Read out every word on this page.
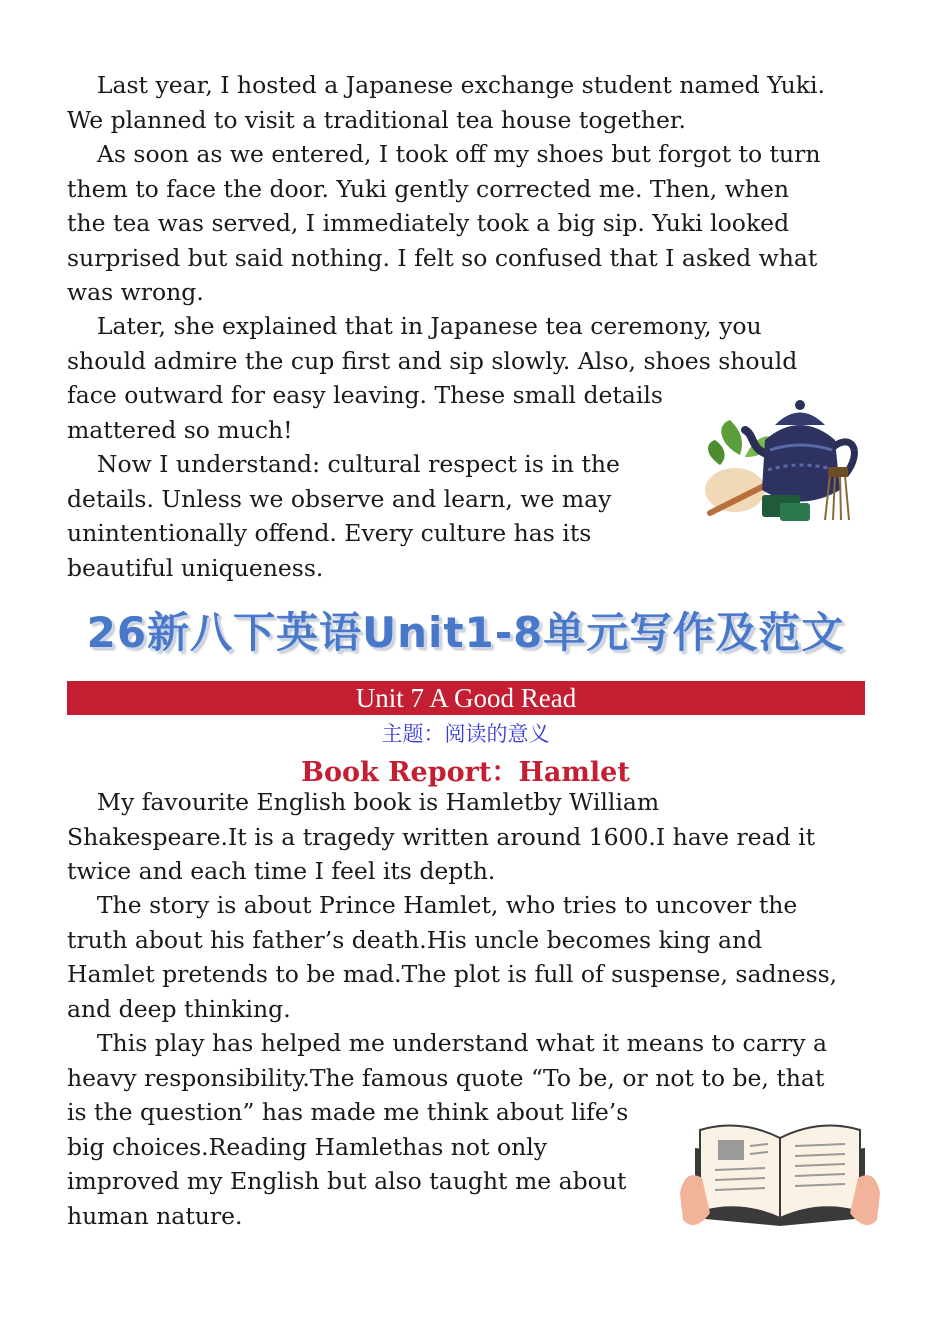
Last year, I hosted a Japanese exchange student named Yuki.
We planned to visit a traditional tea house together.
As soon as we entered, I took off my shoes but forgot to turn
them to face the door. Yuki gently corrected me. Then, when
the tea was served, I immediately took a big sip. Yuki looked
surprised but said nothing. I felt so confused that I asked what
was wrong.
Later, she explained that in Japanese tea ceremony, you
should admire the cup first and sip slowly. Also, shoes should
face outward for easy leaving. These small details
mattered so much!
Now I understand: cultural respect is in the
details. Unless we observe and learn, we may
unintentionally offend. Every culture has its
beautiful uniqueness.
26新八下英语Unit1-8单元写作及范文
Unit 7 A Good Read
主题：阅读的意义
Book Report：Hamlet
My favourite English book is Hamletby William
Shakespeare.It is a tragedy written around 1600.I have read it
twice and each time I feel its depth.
The story is about Prince Hamlet, who tries to uncover the
truth about his father’s death.His uncle becomes king and
Hamlet pretends to be mad.The plot is full of suspense, sadness,
and deep thinking.
This play has helped me understand what it means to carry a
heavy responsibility.The famous quote “To be, or not to be, that
is the question” has made me think about life’s
big choices.Reading Hamlethas not only
improved my English but also taught me about
human nature.
